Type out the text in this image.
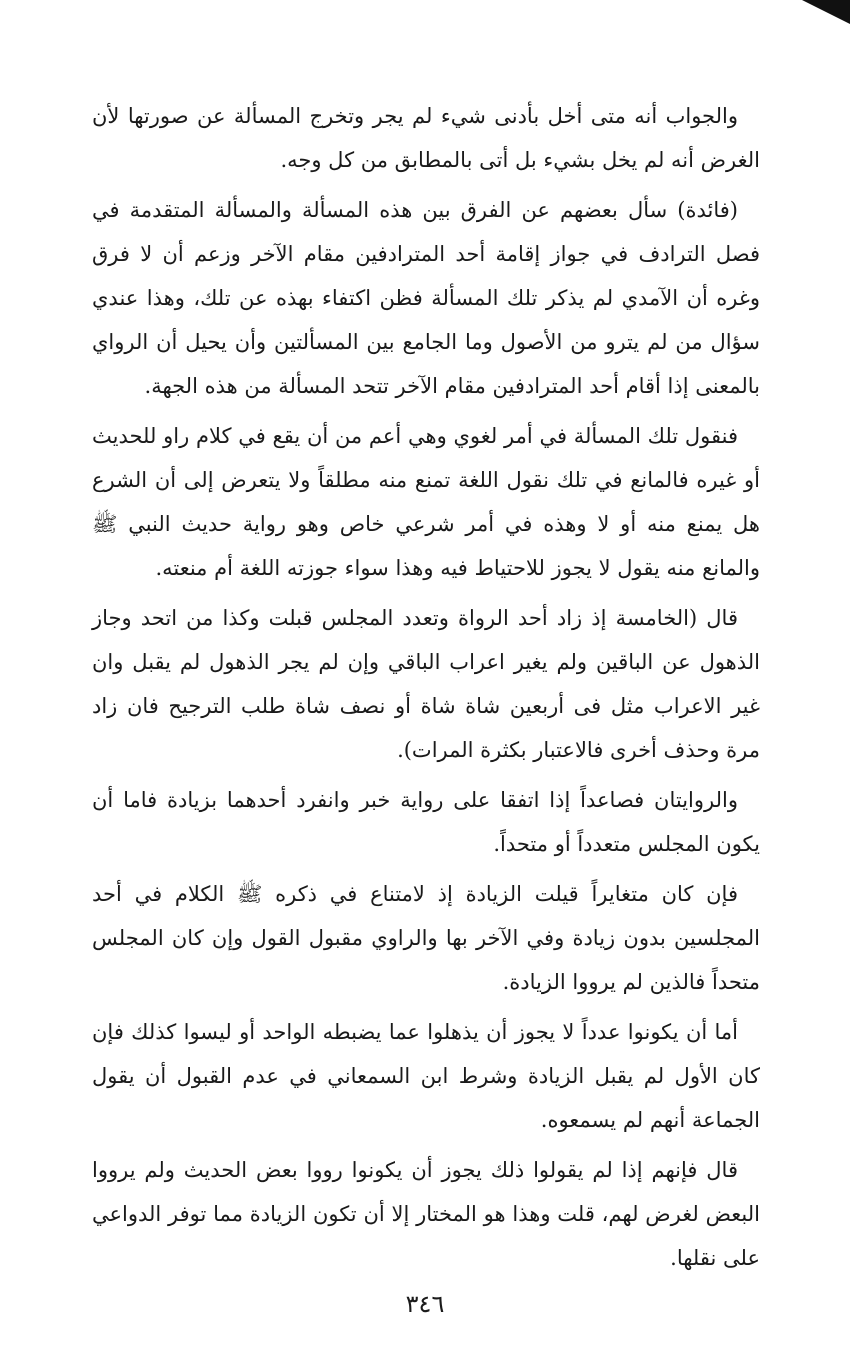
والجواب أنه متى أخل بأدنى شيء لم يجر وتخرج المسألة عن صورتها لأن الغرض أنه لم يخل بشيء بل أتى بالمطابق من كل وجه.

(فائدة) سأل بعضهم عن الفرق بين هذه المسألة والمسألة المتقدمة في فصل الترادف في جواز إقامة أحد المترادفين مقام الآخر وزعم أن لا فرق وغره أن الآمدي لم يذكر تلك المسألة فظن اكتفاء بهذه عن تلك، وهذا عندي سؤال من لم يترو من الأصول وما الجامع بين المسألتين وأن يحيل أن الرواي بالمعنى إذا أقام أحد المترادفين مقام الآخر تتحد المسألة من هذه الجهة.

فنقول تلك المسألة في أمر لغوي وهي أعم من أن يقع في كلام راو للحديث أو غيره فالمانع في تلك نقول اللغة تمنع منه مطلقاً ولا يتعرض إلى أن الشرع هل يمنع منه أو لا وهذه في أمر شرعي خاص وهو رواية حديث النبي ﷺ والمانع منه يقول لا يجوز للاحتياط فيه وهذا سواء جوزته اللغة أم منعته.

قال (الخامسة إذ زاد أحد الرواة وتعدد المجلس قبلت وكذا من اتحد وجاز الذهول عن الباقين ولم يغير اعراب الباقي وإن لم يجر الذهول لم يقبل وان غير الاعراب مثل فى أربعين شاة شاة أو نصف شاة طلب الترجيح فان زاد مرة وحذف أخرى فالاعتبار بكثرة المرات).

والروايتان فصاعداً إذا اتفقا على رواية خبر وانفرد أحدهما بزيادة فاما أن يكون المجلس متعدداً أو متحداً.

فإن كان متغايراً قيلت الزيادة إذ لامتناع في ذكره ﷺ الكلام في أحد المجلسين بدون زيادة وفي الآخر بها والراوي مقبول القول وإن كان المجلس متحداً فالذين لم يرووا الزيادة.

أما أن يكونوا عدداً لا يجوز أن يذهلوا عما يضبطه الواحد أو ليسوا كذلك فإن كان الأول لم يقبل الزيادة وشرط ابن السمعاني في عدم القبول أن يقول الجماعة أنهم لم يسمعوه.

قال فإنهم إذا لم يقولوا ذلك يجوز أن يكونوا رووا بعض الحديث ولم يرووا البعض لغرض لهم، قلت وهذا هو المختار إلا أن تكون الزيادة مما توفر الدواعي على نقلها.

٣٤٦
